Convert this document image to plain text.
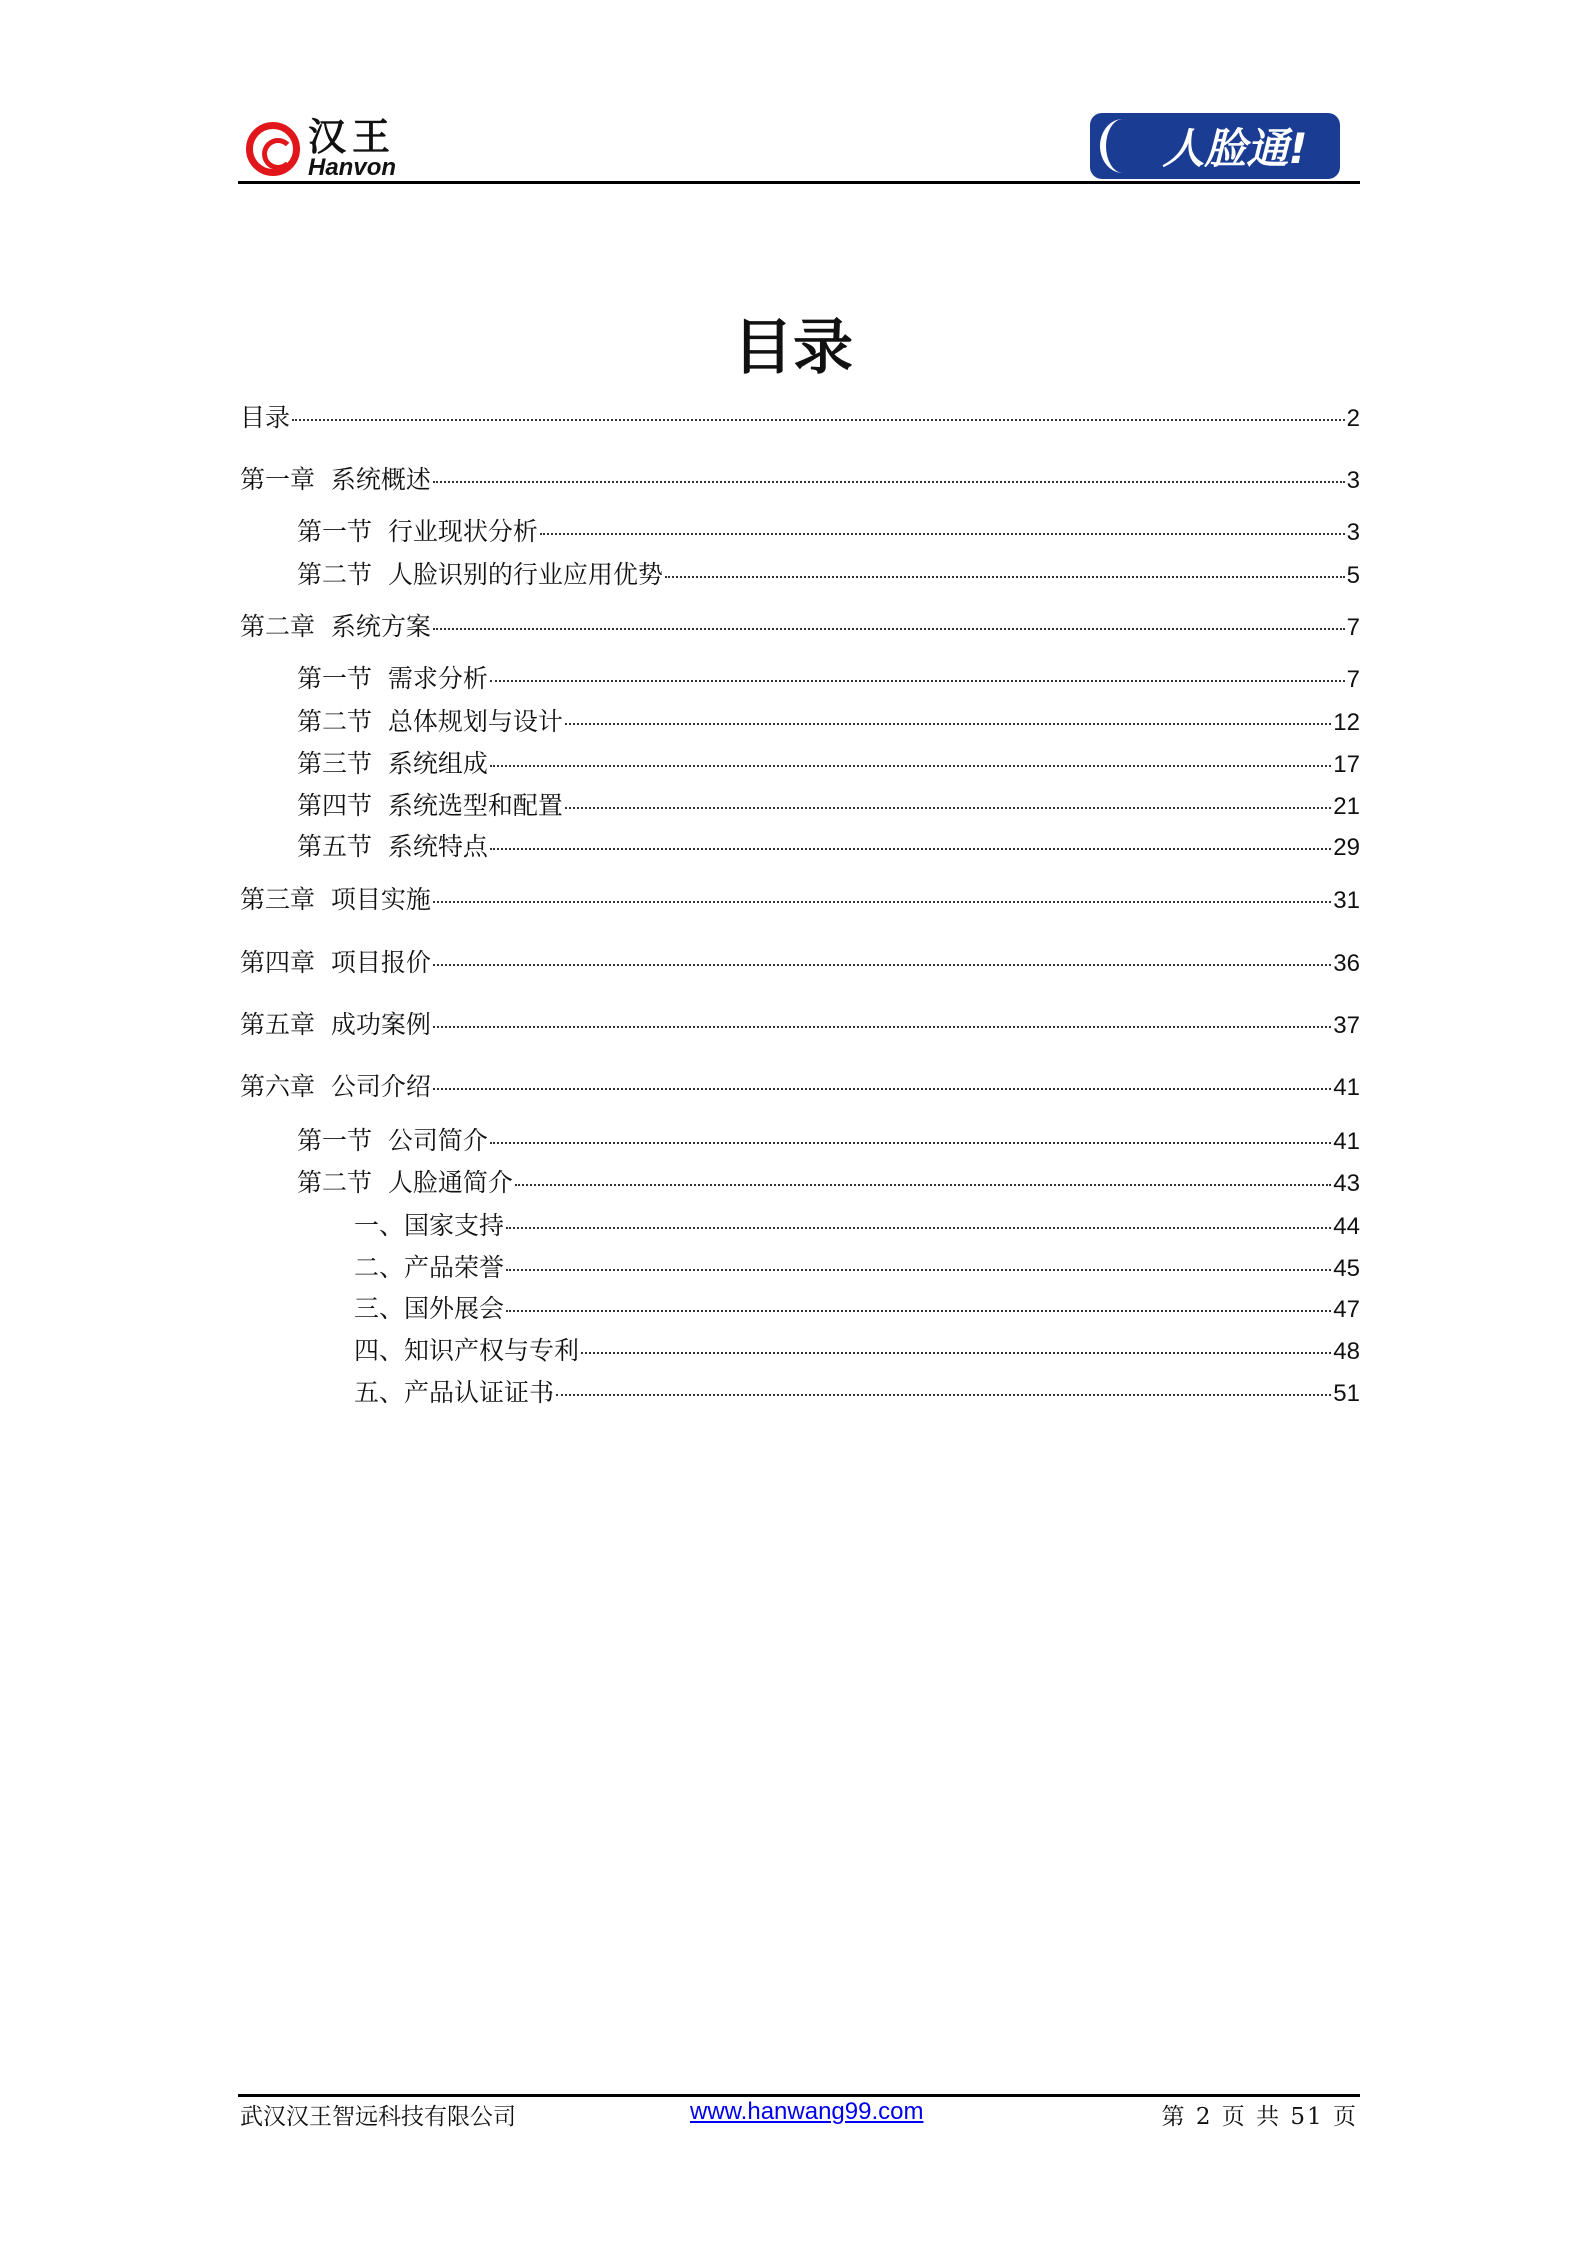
汉王
Hanvon	人脸通!
目录
目录	2
第一章  系统概述	3
第一节  行业现状分析	3
第二节  人脸识别的行业应用优势	5
第二章  系统方案	7
第一节  需求分析	7
第二节  总体规划与设计	12
第三节  系统组成	17
第四节  系统选型和配置	21
第五节  系统特点	29
第三章  项目实施	31
第四章  项目报价	36
第五章  成功案例	37
第六章  公司介绍	41
第一节  公司简介	41
第二节  人脸通简介	43
一、国家支持	44
二、产品荣誉	45
三、国外展会	47
四、知识产权与专利	48
五、产品认证证书	51
武汉汉王智远科技有限公司	www.hanwang99.com	第 2 页 共 51 页
